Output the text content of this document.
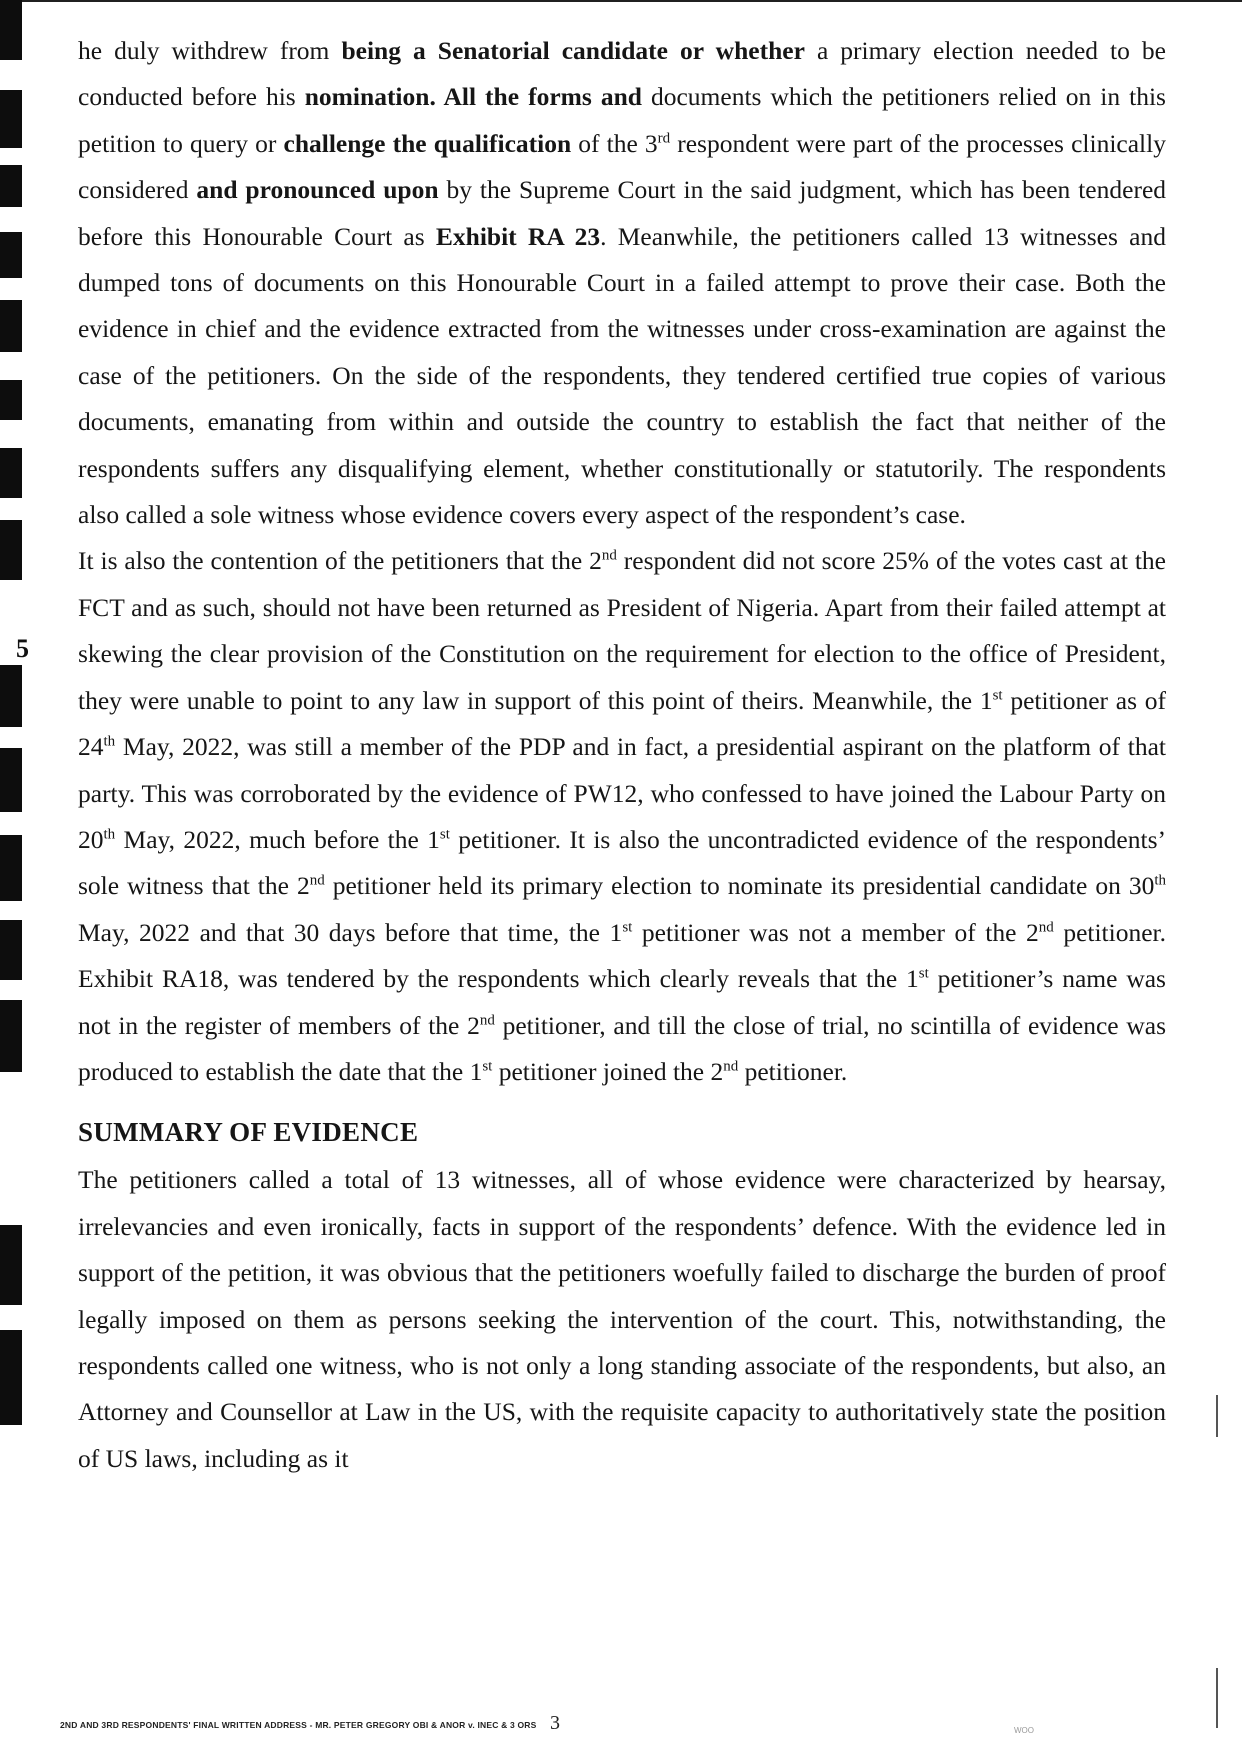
5

he duly withdrew from being a Senatorial candidate or whether a primary election needed to be conducted before his nomination. All the forms and documents which the petitioners relied on in this petition to query or challenge the qualification of the 3rd respondent were part of the processes clinically considered and pronounced upon by the Supreme Court in the said judgment, which has been tendered before this Honourable Court as Exhibit RA 23. Meanwhile, the petitioners called 13 witnesses and dumped tons of documents on this Honourable Court in a failed attempt to prove their case. Both the evidence in chief and the evidence extracted from the witnesses under cross-examination are against the case of the petitioners. On the side of the respondents, they tendered certified true copies of various documents, emanating from within and outside the country to establish the fact that neither of the respondents suffers any disqualifying element, whether constitutionally or statutorily. The respondents also called a sole witness whose evidence covers every aspect of the respondent’s case.

It is also the contention of the petitioners that the 2nd respondent did not score 25% of the votes cast at the FCT and as such, should not have been returned as President of Nigeria. Apart from their failed attempt at skewing the clear provision of the Constitution on the requirement for election to the office of President, they were unable to point to any law in support of this point of theirs. Meanwhile, the 1st petitioner as of 24th May, 2022, was still a member of the PDP and in fact, a presidential aspirant on the platform of that party. This was corroborated by the evidence of PW12, who confessed to have joined the Labour Party on 20th May, 2022, much before the 1st petitioner. It is also the uncontradicted evidence of the respondents’ sole witness that the 2nd petitioner held its primary election to nominate its presidential candidate on 30th May, 2022 and that 30 days before that time, the 1st petitioner was not a member of the 2nd petitioner. Exhibit RA18, was tendered by the respondents which clearly reveals that the 1st petitioner’s name was not in the register of members of the 2nd petitioner, and till the close of trial, no scintilla of evidence was produced to establish the date that the 1st petitioner joined the 2nd petitioner.

SUMMARY OF EVIDENCE

The petitioners called a total of 13 witnesses, all of whose evidence were characterized by hearsay, irrelevancies and even ironically, facts in support of the respondents’ defence. With the evidence led in support of the petition, it was obvious that the petitioners woefully failed to discharge the burden of proof legally imposed on them as persons seeking the intervention of the court. This, notwithstanding, the respondents called one witness, who is not only a long standing associate of the respondents, but also, an Attorney and Counsellor at Law in the US, with the requisite capacity to authoritatively state the position of US laws, including as it

2ND AND 3RD RESPONDENTS' FINAL WRITTEN ADDRESS - MR. PETER GREGORY OBI & ANOR v. INEC & 3 ORS 3	WOO
